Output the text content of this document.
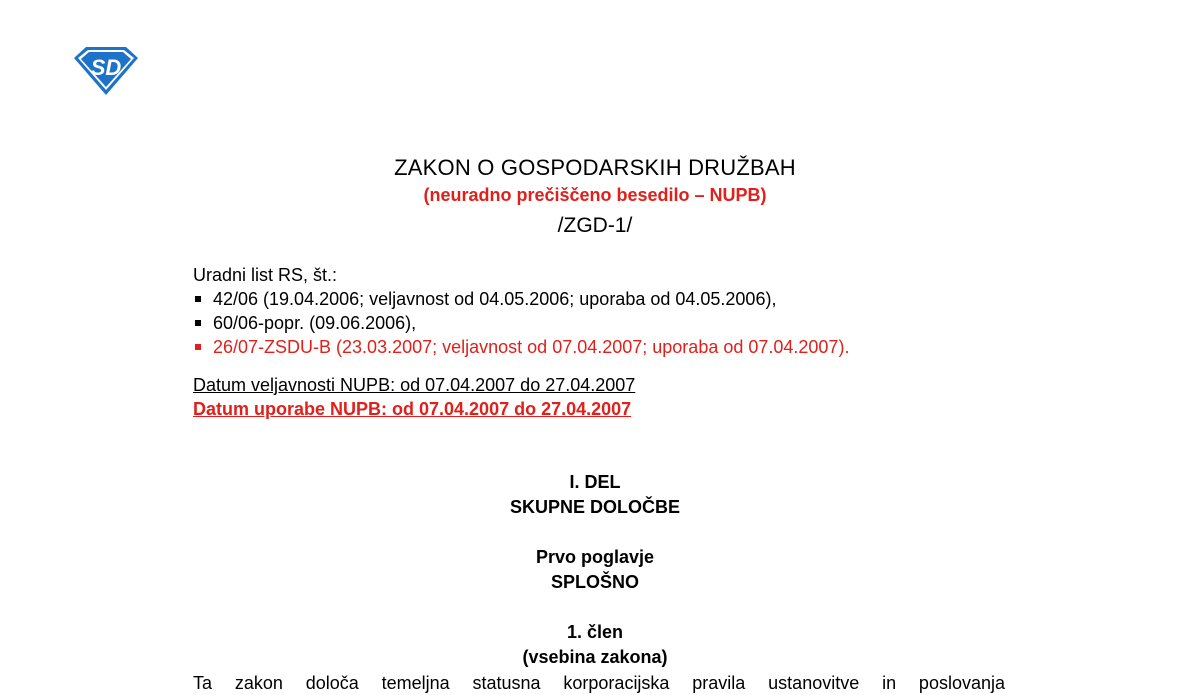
SD
ZAKON O GOSPODARSKIH DRUŽBAH
(neuradno prečiščeno besedilo – NUPB)
/ZGD-1/
Uradni list RS, št.:
42/06 (19.04.2006; veljavnost od 04.05.2006; uporaba od 04.05.2006),
60/06-popr. (09.06.2006),
26/07-ZSDU-B (23.03.2007; veljavnost od 07.04.2007; uporaba od 07.04.2007).
Datum veljavnosti NUPB: od 07.04.2007 do 27.04.2007
Datum uporabe NUPB: od 07.04.2007 do 27.04.2007
I. DEL
SKUPNE DOLOČBE
Prvo poglavje
SPLOŠNO
1. člen
(vsebina zakona)
Ta zakon določa temeljna statusna korporacijska pravila ustanovitve in poslovanja
